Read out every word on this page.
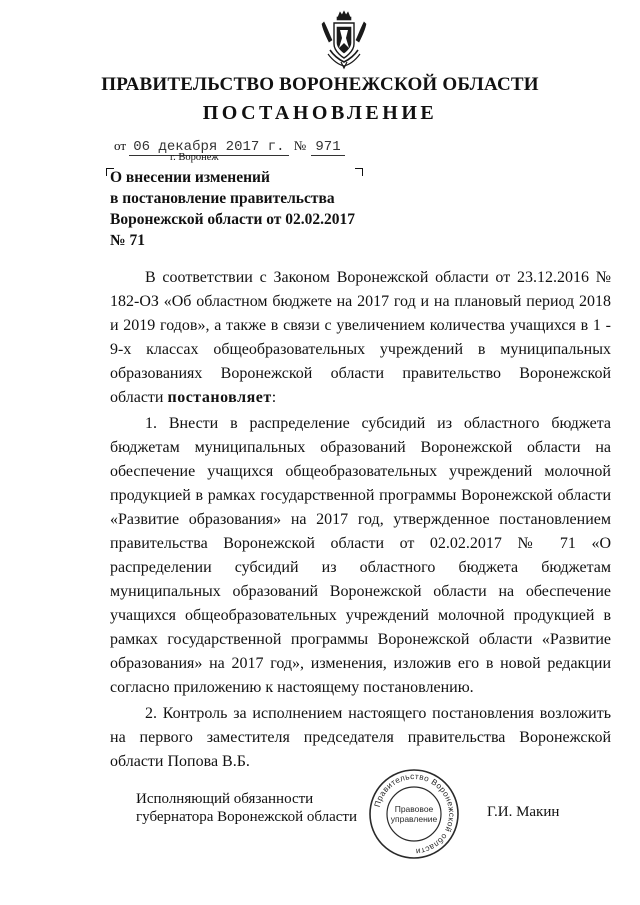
ПРАВИТЕЛЬСТВО ВОРОНЕЖСКОЙ ОБЛАСТИ
ПОСТАНОВЛЕНИЕ
от 06 декабря 2017 г. № 971
г. Воронеж
О внесении изменений
в постановление правительства
Воронежской области от 02.02.2017
№ 71

В соответствии с Законом Воронежской области от 23.12.2016 № 182-ОЗ «Об областном бюджете на 2017 год и на плановый период 2018 и 2019 годов», а также в связи с увеличением количества учащихся в 1 - 9-х классах общеобразовательных учреждений в муниципальных образованиях Воронежской области правительство Воронежской области постановляет:

1. Внести в распределение субсидий из областного бюджета бюджетам муниципальных образований Воронежской области на обеспечение учащихся общеобразовательных учреждений молочной продукцией в рамках государственной программы Воронежской области «Развитие образования» на 2017 год, утвержденное постановлением правительства Воронежской области от 02.02.2017 № 71 «О распределении субсидий из областного бюджета бюджетам муниципальных образований Воронежской области на обеспечение учащихся общеобразовательных учреждений молочной продукцией в рамках государственной программы Воронежской области «Развитие образования» на 2017 год», изменения, изложив его в новой редакции согласно приложению к настоящему постановлению.

2. Контроль за исполнением настоящего постановления возложить на первого заместителя председателя правительства Воронежской области Попова В.Б.

Исполняющий обязанности
губернатора Воронежской области
Правительство Воронежской области
Правовое
управление	Г.И. Макин
